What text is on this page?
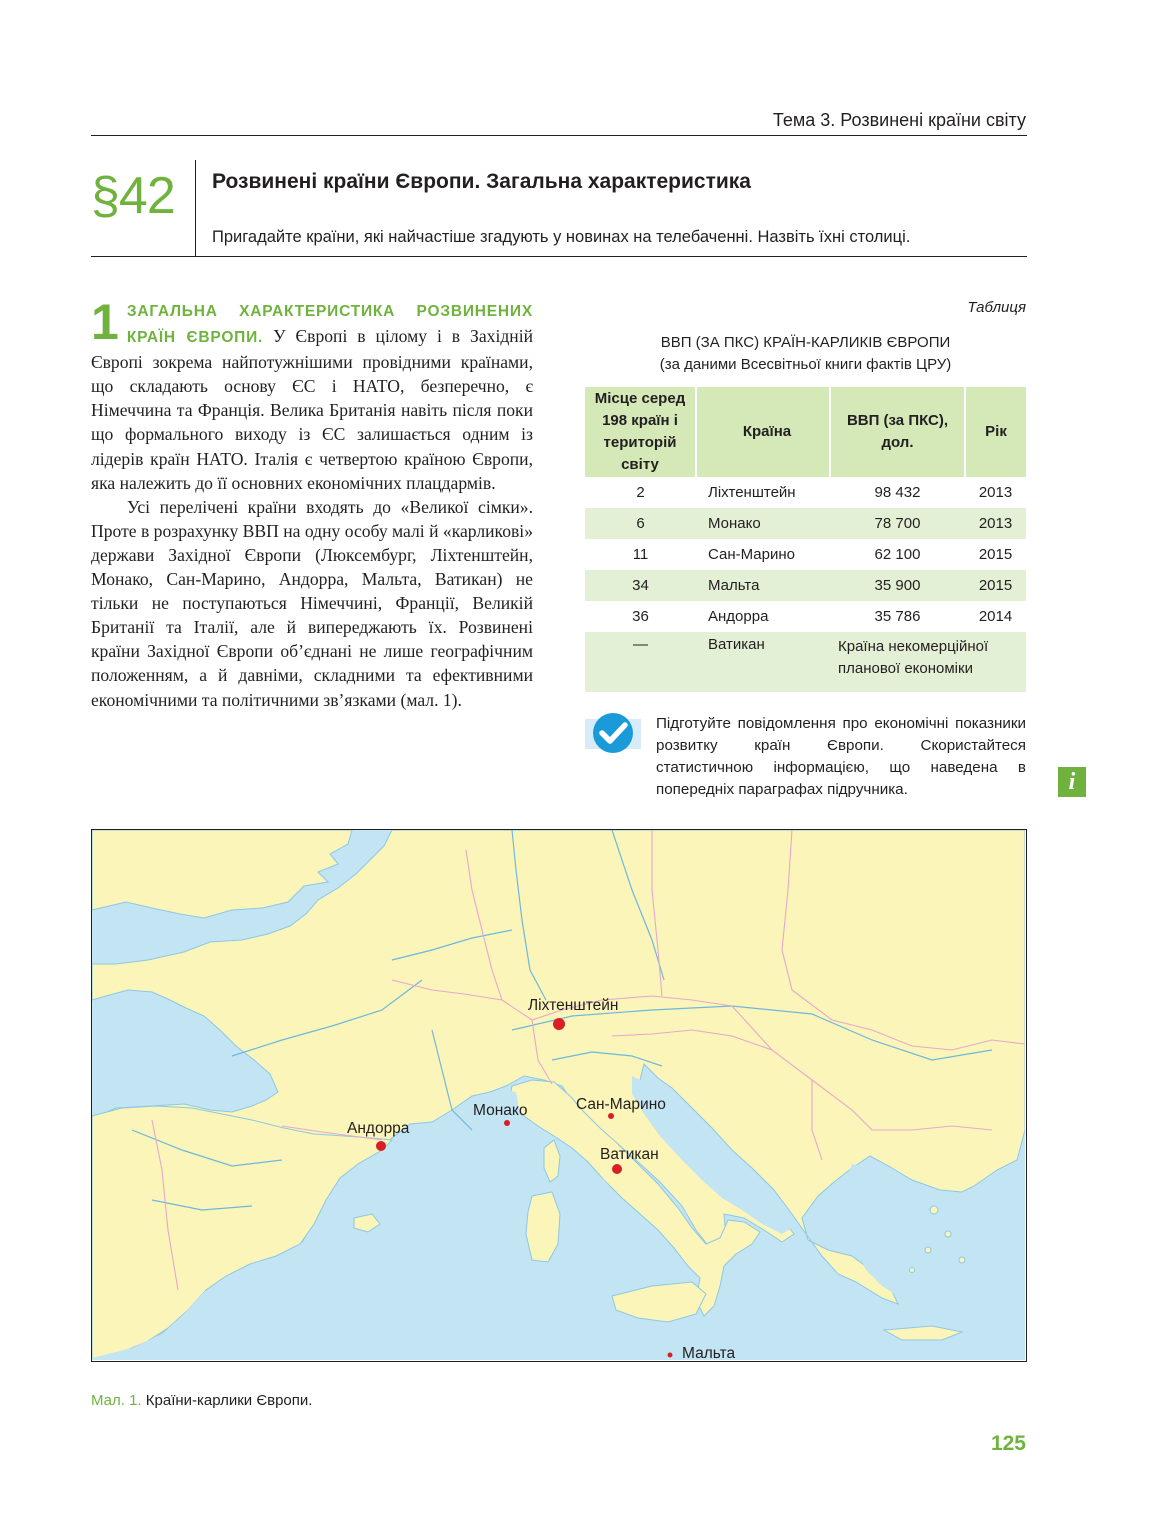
Тема 3. Розвинені країни світу
§42 Розвинені країни Європи. Загальна характеристика
Пригадайте країни, які найчастіше згадують у новинах на телебаченні. Назвіть їхні столиці.

1 ЗАГАЛЬНА ХАРАКТЕРИСТИКА РОЗВИНЕНИХ КРАЇН ЄВРОПИ. У Європі в цілому і в Західній Європі зокрема найпотужнішими провідними країнами, що складають основу ЄС і НАТО, безперечно, є Німеччина та Франція. Велика Британія навіть після поки що формального виходу із ЄС залишається одним із лідерів країн НАТО. Італія є четвертою країною Європи, яка належить до її основних економічних плацдармів.

Усі перелічені країни входять до «Великої сімки». Проте в розрахунку ВВП на одну особу малі й «карликові» держави Західної Європи (Люксембург, Ліхтенштейн, Монако, Сан-Марино, Андорра, Мальта, Ватикан) не тільки не поступаються Німеччині, Франції, Великій Британії та Італії, але й випереджають їх. Розвинені країни Західної Європи об’єднані не лише географічним положенням, а й давніми, складними та ефективними економічними та політичними зв’язками (мал. 1).

Таблиця
ВВП (ЗА ПКС) КРАЇН-КАРЛИКІВ ЄВРОПИ
(за даними Всесвітньої книги фактів ЦРУ)
Місце серед 198 країн і територій світу	Країна	ВВП (за ПКС), дол.	Рік
2	Ліхтенштейн	98 432	2013
6	Монако	78 700	2013
11	Сан-Марино	62 100	2015
34	Мальта	35 900	2015
36	Андорра	35 786	2014
—	Ватикан	Країна некомерційної планової економіки	
Підготуйте повідомлення про економічні показники розвитку країн Європи. Скористайтеся статистичною інформацією, що наведена в попередніх параграфах підручника.	i
Ліхтенштейн
Монако	Сан-Марино
Андорра
Ватикан
Мальта
Мал. 1. Країни-карлики Європи.
125
